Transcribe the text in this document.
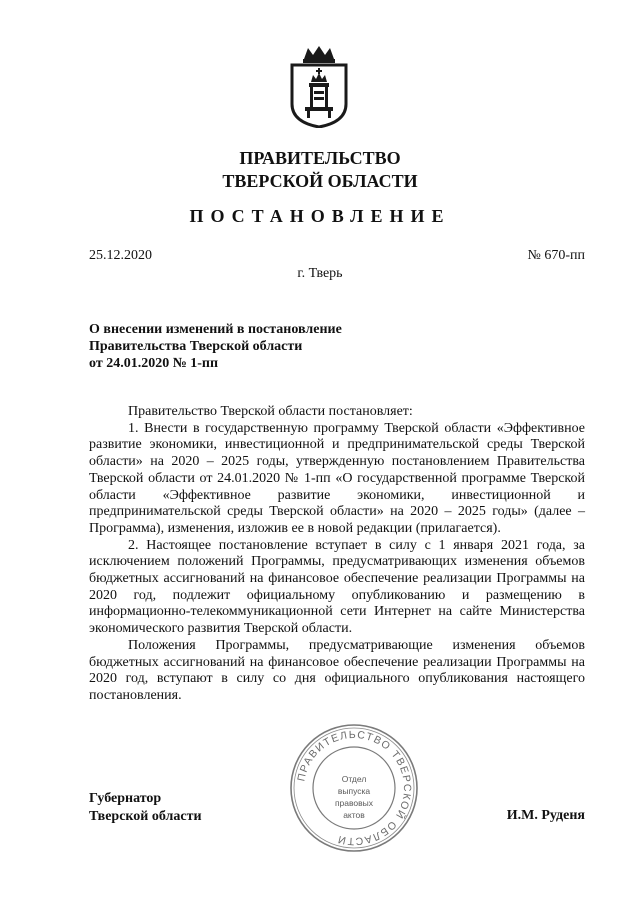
ПРАВИТЕЛЬСТВО
ТВЕРСКОЙ ОБЛАСТИ
ПОСТАНОВЛЕНИЕ
25.12.2020	№ 670-пп
г. Тверь
О внесении изменений в постановление
Правительства Тверской области
от 24.01.2020 № 1-пп

Правительство Тверской области постановляет:

1. Внести в государственную программу Тверской области «Эффективное развитие экономики, инвестиционной и предпринимательской среды Тверской области» на 2020 – 2025 годы, утвержденную постановлением Правительства Тверской области от 24.01.2020 № 1-пп «О государственной программе Тверской области «Эффективное развитие экономики, инвестиционной и предпринимательской среды Тверской области» на 2020 – 2025 годы» (далее – Программа), изменения, изложив ее в новой редакции (прилагается).

2. Настоящее постановление вступает в силу с 1 января 2021 года, за исключением положений Программы, предусматривающих изменения объемов бюджетных ассигнований на финансовое обеспечение реализации Программы на 2020 год, подлежит официальному опубликованию и размещению в информационно-телекоммуникационной сети Интернет на сайте Министерства экономического развития Тверской области.

Положения Программы, предусматривающие изменения объемов бюджетных ассигнований на финансовое обеспечение реализации Программы на 2020 год, вступают в силу со дня официального опубликования настоящего постановления.

ПРАВИТЕЛЬСТВО ТВЕРСКОЙ ОБЛАСТИ
Отдел
выпуска
правовых
актов
Губернатор
Тверской области	И.М. Руденя
